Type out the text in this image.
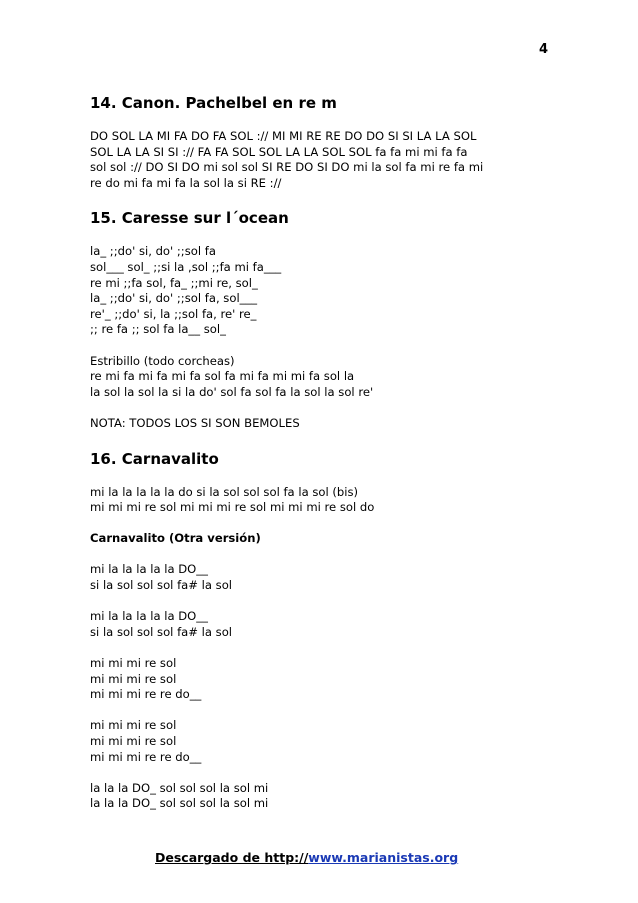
4
14. Canon. Pachelbel en re m
DO SOL LA MI FA DO FA SOL :// MI MI RE RE DO DO SI SI LA LA SOL
SOL LA LA SI SI :// FA FA SOL SOL LA LA SOL SOL fa fa mi mi fa fa
sol sol :// DO SI DO mi sol sol SI RE DO SI DO mi la sol fa mi re fa mi
re do mi fa mi fa la sol la si RE ://
15. Caresse sur l´ocean
la_ ;;do' si, do' ;;sol fa
sol___ sol_ ;;si la ,sol ;;fa mi fa___
re mi ;;fa sol, fa_ ;;mi re, sol_
la_ ;;do' si, do' ;;sol fa, sol___
re'_ ;;do' si, la ;;sol fa, re' re_
;; re fa ;; sol fa la__ sol_
Estribillo (todo corcheas)
re mi fa mi fa mi fa sol fa mi fa mi mi fa sol la
la sol la sol la si la do' sol fa sol fa la sol la sol re'
NOTA: TODOS LOS SI SON BEMOLES
16. Carnavalito
mi la la la la la do si la sol sol sol fa la sol (bis)
mi mi mi re sol mi mi mi re sol mi mi mi re sol do
Carnavalito (Otra versión)
mi la la la la la DO__
si la sol sol sol fa# la sol
mi la la la la la DO__
si la sol sol sol fa# la sol
mi mi mi re sol
mi mi mi re sol
mi mi mi re re do__
mi mi mi re sol
mi mi mi re sol
mi mi mi re re do__
la la la DO_ sol sol sol la sol mi
la la la DO_ sol sol sol la sol mi
Descargado de http://www.marianistas.org
